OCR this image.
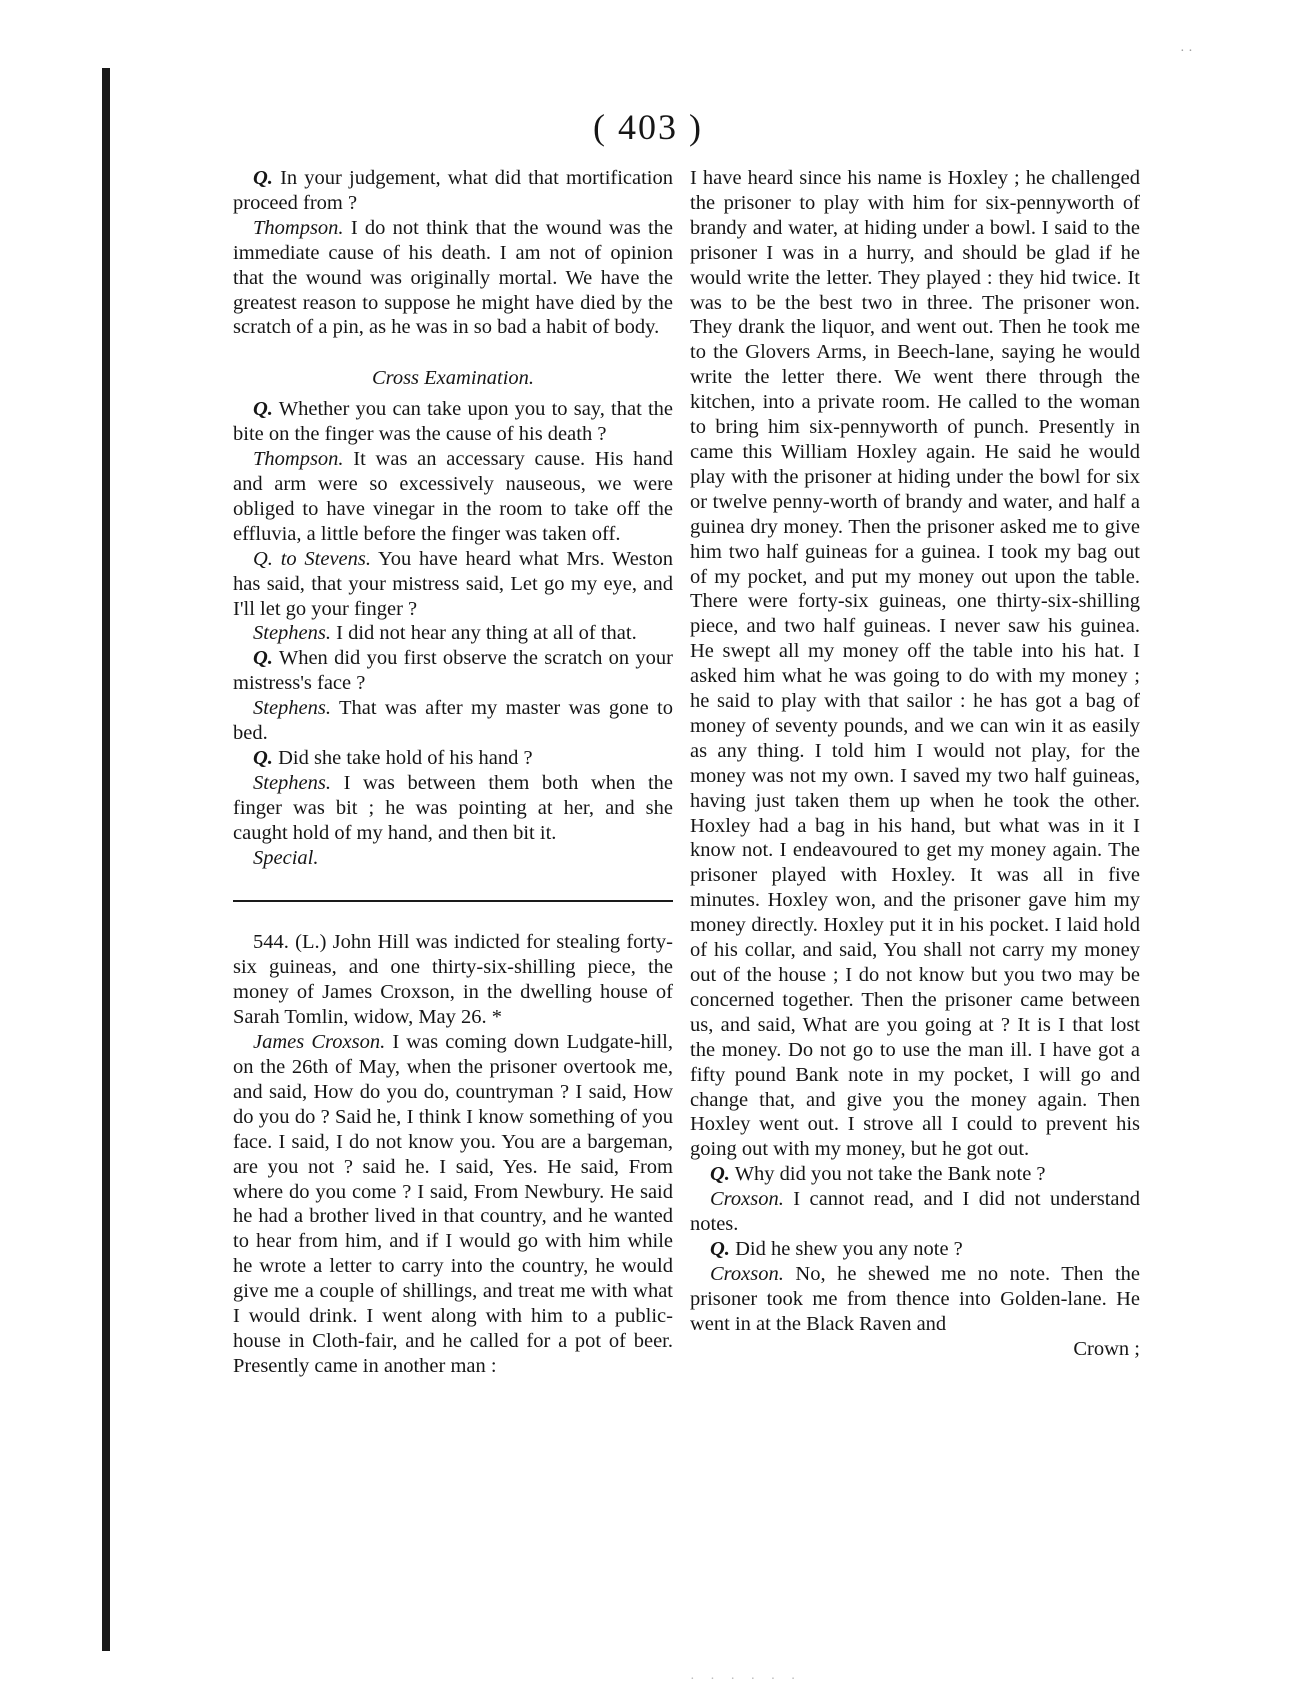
· ·
( 403 )

Q. In your judgement, what did that mortification proceed from ?

Thompson. I do not think that the wound was the immediate cause of his death. I am not of opinion that the wound was originally mortal. We have the greatest reason to suppose he might have died by the scratch of a pin, as he was in so bad a habit of body.

Cross Examination.

Q. Whether you can take upon you to say, that the bite on the finger was the cause of his death ?

Thompson. It was an accessary cause. His hand and arm were so excessively nauseous, we were obliged to have vinegar in the room to take off the effluvia, a little before the finger was taken off.

Q. to Stevens. You have heard what Mrs. Weston has said, that your mistress said, Let go my eye, and I'll let go your finger ?

Stephens. I did not hear any thing at all of that.

Q. When did you first observe the scratch on your mistress's face ?

Stephens. That was after my master was gone to bed.

Q. Did she take hold of his hand ?

Stephens. I was between them both when the finger was bit ; he was pointing at her, and she caught hold of my hand, and then bit it.

Special.

544. (L.) John Hill was indicted for stealing forty-six guineas, and one thirty-six-shilling piece, the money of James Croxson, in the dwelling house of Sarah Tomlin, widow, May 26. *

James Croxson. I was coming down Ludgate-hill, on the 26th of May, when the prisoner overtook me, and said, How do you do, countryman ? I said, How do you do ? Said he, I think I know something of you face. I said, I do not know you. You are a bargeman, are you not ? said he. I said, Yes. He said, From where do you come ? I said, From Newbury. He said he had a brother lived in that country, and he wanted to hear from him, and if I would go with him while he wrote a letter to carry into the country, he would give me a couple of shillings, and treat me with what I would drink. I went along with him to a public-house in Cloth-fair, and he called for a pot of beer. Presently came in another man :

I have heard since his name is Hoxley ; he challenged the prisoner to play with him for six-pennyworth of brandy and water, at hiding under a bowl. I said to the prisoner I was in a hurry, and should be glad if he would write the letter. They played : they hid twice. It was to be the best two in three. The prisoner won. They drank the liquor, and went out. Then he took me to the Glovers Arms, in Beech-lane, saying he would write the letter there. We went there through the kitchen, into a private room. He called to the woman to bring him six-pennyworth of punch. Presently in came this William Hoxley again. He said he would play with the prisoner at hiding under the bowl for six or twelve penny-worth of brandy and water, and half a guinea dry money. Then the prisoner asked me to give him two half guineas for a guinea. I took my bag out of my pocket, and put my money out upon the table. There were forty-six guineas, one thirty-six-shilling piece, and two half guineas. I never saw his guinea. He swept all my money off the table into his hat. I asked him what he was going to do with my money ; he said to play with that sailor : he has got a bag of money of seventy pounds, and we can win it as easily as any thing. I told him I would not play, for the money was not my own. I saved my two half guineas, having just taken them up when he took the other. Hoxley had a bag in his hand, but what was in it I know not. I endeavoured to get my money again. The prisoner played with Hoxley. It was all in five minutes. Hoxley won, and the prisoner gave him my money directly. Hoxley put it in his pocket. I laid hold of his collar, and said, You shall not carry my money out of the house ; I do not know but you two may be concerned together. Then the prisoner came between us, and said, What are you going at ? It is I that lost the money. Do not go to use the man ill. I have got a fifty pound Bank note in my pocket, I will go and change that, and give you the money again. Then Hoxley went out. I strove all I could to prevent his going out with my money, but he got out.

Q. Why did you not take the Bank note ?

Croxson. I cannot read, and I did not understand notes.

Q. Did he shew you any note ?

Croxson. No, he shewed me no note. Then the prisoner took me from thence into Golden-lane. He went in at the Black Raven and

Crown ;

· · · · · ·
